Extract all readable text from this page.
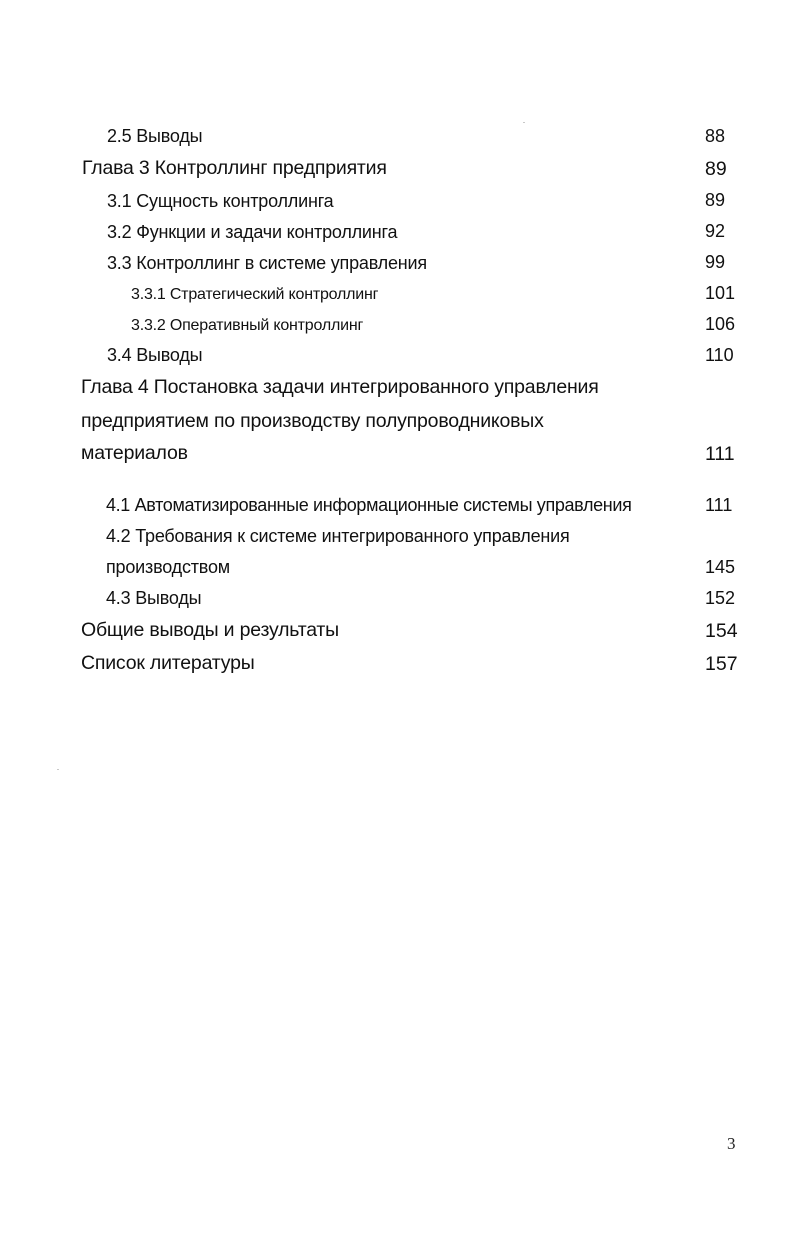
2.5 Выводы	88
Глава 3 Контроллинг предприятия	89
3.1 Сущность контроллинга	89
3.2 Функции и задачи контроллинга	92
3.3 Контроллинг в системе управления	99
3.3.1 Стратегический контроллинг	101
3.3.2 Оперативный контроллинг	106
3.4 Выводы	110
Глава 4 Постановка задачи интегрированного управления
предприятием по производству полупроводниковых
материалов	111
4.1 Автоматизированные информационные системы управления	111
4.2 Требования к системе интегрированного управления
производством	145
4.3 Выводы	152
Общие выводы и результаты	154
Список литературы	157
3
